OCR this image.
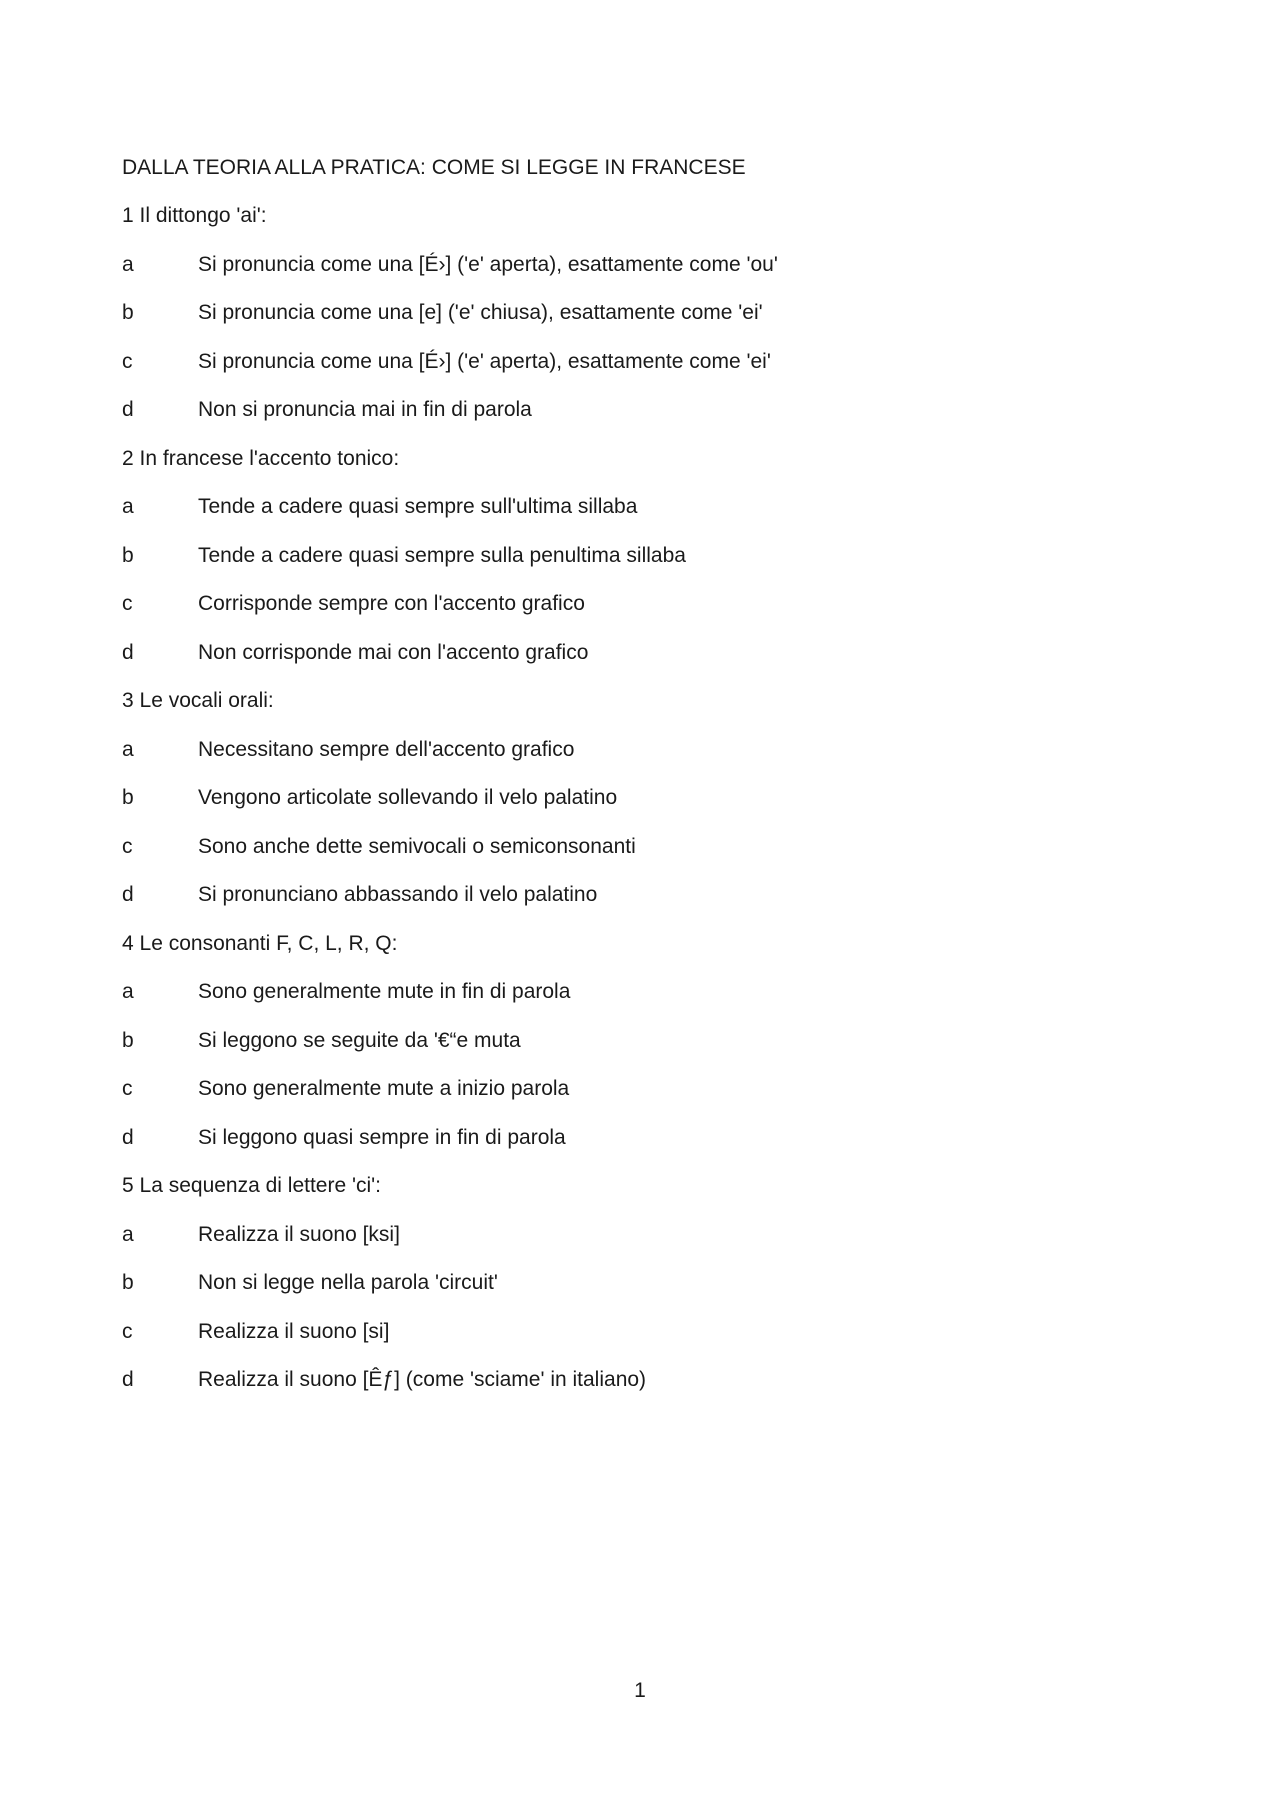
DALLA TEORIA ALLA PRATICA: COME SI LEGGE IN FRANCESE
1 Il dittongo 'ai':
a	Si pronuncia come una [É›] ('e' aperta), esattamente come 'ou'
b	Si pronuncia come una [e] ('e' chiusa), esattamente come 'ei'
c	Si pronuncia come una [É›] ('e' aperta), esattamente come 'ei'
d	Non si pronuncia mai in fin di parola
2 In francese l'accento tonico:
a	Tende a cadere quasi sempre sull'ultima sillaba
b	Tende a cadere quasi sempre sulla penultima sillaba
c	Corrisponde sempre con l'accento grafico
d	Non corrisponde mai con l'accento grafico
3 Le vocali orali:
a	Necessitano sempre dell'accento grafico
b	Vengono articolate sollevando il velo palatino
c	Sono anche dette semivocali o semiconsonanti
d	Si pronunciano abbassando il velo palatino
4 Le consonanti F, C, L, R, Q:
a	Sono generalmente mute in fin di parola
b	Si leggono se seguite da '€“e muta
c	Sono generalmente mute a inizio parola
d	Si leggono quasi sempre in fin di parola
5 La sequenza di lettere 'ci':
a	Realizza il suono [ksi]
b	Non si legge nella parola 'circuit'
c	Realizza il suono [si]
d	Realizza il suono [Êƒ] (come 'sciame' in italiano)
1
